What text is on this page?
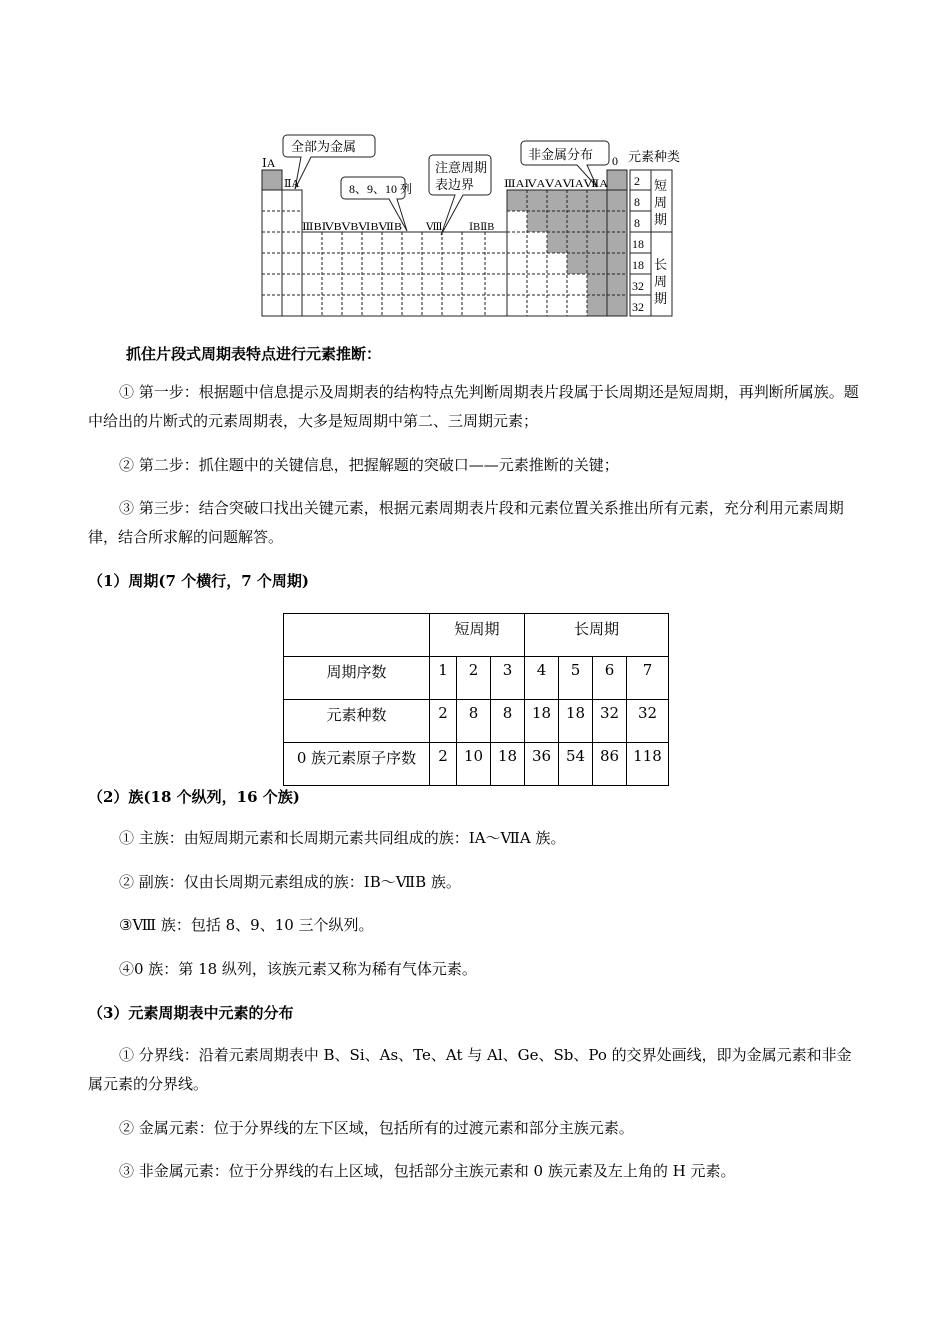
全部为金属
8、9、10 列
注意周期
表边界
非金属分布
ⅠA
ⅡA
ⅢBⅣBⅤBⅥBⅦB Ⅷ	ⅠBⅡB
ⅢAⅣAⅤAⅥAⅦA
0 元素种类
2
8
8
18
18
32
32
短
周
期
长
周
期
抓住片段式周期表特点进行元素推断：
① 第一步：根据题中信息提示及周期表的结构特点先判断周期表片段属于长周期还是短周期，再判断所属族。题中给出的片断式的元素周期表，大多是短周期中第二、三周期元素；
② 第二步：抓住题中的关键信息，把握解题的突破口——元素推断的关键；
③ 第三步：结合突破口找出关键元素，根据元素周期表片段和元素位置关系推出所有元素，充分利用元素周期律，结合所求解的问题解答。
（1）周期(7 个横行，7 个周期)
	短周期			长周期			
周期序数	1	2	3	4	5	6	7
元素种数	2	8	8	18	18	32	32
0 族元素原子序数	2	10	18	36	54	86	118
（2）族(18 个纵列，16 个族)
① 主族：由短周期元素和长周期元素共同组成的族：ⅠA～ⅦA 族。
② 副族：仅由长周期元素组成的族：ⅠB～ⅦB 族。
③Ⅷ 族：包括 8、9、10 三个纵列。
④0 族：第 18 纵列，该族元素又称为稀有气体元素。
（3）元素周期表中元素的分布
① 分界线：沿着元素周期表中 B、Si、As、Te、At 与 Al、Ge、Sb、Po 的交界处画线，即为金属元素和非金属元素的分界线。
② 金属元素：位于分界线的左下区域，包括所有的过渡元素和部分主族元素。
③ 非金属元素：位于分界线的右上区域，包括部分主族元素和 0 族元素及左上角的 H 元素。
